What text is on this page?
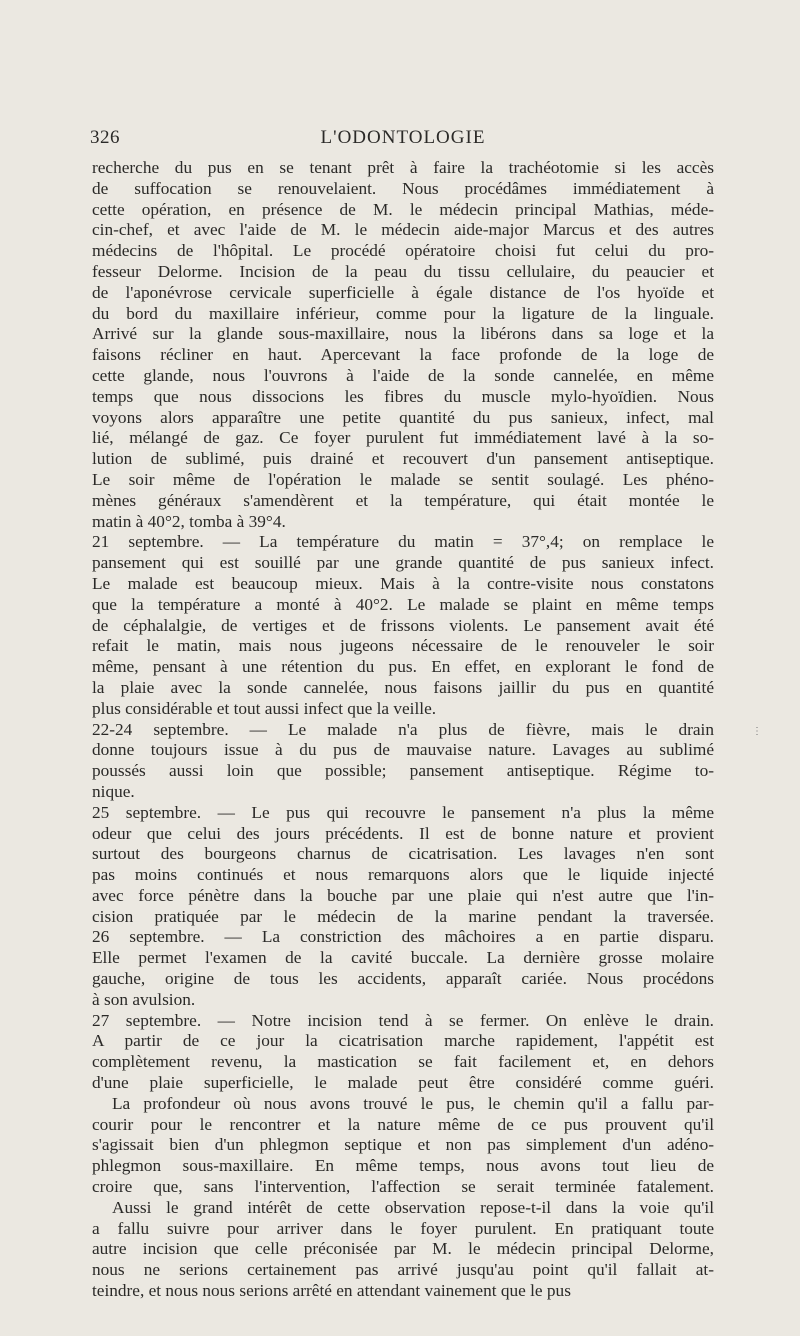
326	L'ODONTOLOGIE
recherche du pus en se tenant prêt à faire la trachéotomie si les accès
de suffocation se renouvelaient. Nous procédâmes immédiatement à
cette opération, en présence de M. le médecin principal Mathias, méde-
cin-chef, et avec l'aide de M. le médecin aide-major Marcus et des autres
médecins de l'hôpital. Le procédé opératoire choisi fut celui du pro-
fesseur Delorme. Incision de la peau du tissu cellulaire, du peaucier et
de l'aponévrose cervicale superficielle à égale distance de l'os hyoïde et
du bord du maxillaire inférieur, comme pour la ligature de la linguale.
Arrivé sur la glande sous-maxillaire, nous la libérons dans sa loge et la
faisons récliner en haut. Apercevant la face profonde de la loge de
cette glande, nous l'ouvrons à l'aide de la sonde cannelée, en même
temps que nous dissocions les fibres du muscle mylo-hyoïdien. Nous
voyons alors apparaître une petite quantité du pus sanieux, infect, mal
lié, mélangé de gaz. Ce foyer purulent fut immédiatement lavé à la so-
lution de sublimé, puis drainé et recouvert d'un pansement antiseptique.
Le soir même de l'opération le malade se sentit soulagé. Les phéno-
mènes généraux s'amendèrent et la température, qui était montée le
matin à 40°2, tomba à 39°4.
21 septembre. — La température du matin = 37°,4; on remplace le
pansement qui est souillé par une grande quantité de pus sanieux infect.
Le malade est beaucoup mieux. Mais à la contre-visite nous constatons
que la température a monté à 40°2. Le malade se plaint en même temps
de céphalalgie, de vertiges et de frissons violents. Le pansement avait été
refait le matin, mais nous jugeons nécessaire de le renouveler le soir
même, pensant à une rétention du pus. En effet, en explorant le fond de
la plaie avec la sonde cannelée, nous faisons jaillir du pus en quantité
plus considérable et tout aussi infect que la veille.
22-24 septembre. — Le malade n'a plus de fièvre, mais le drain
donne toujours issue à du pus de mauvaise nature. Lavages au sublimé
poussés aussi loin que possible; pansement antiseptique. Régime to-
nique.
25 septembre. — Le pus qui recouvre le pansement n'a plus la même
odeur que celui des jours précédents. Il est de bonne nature et provient
surtout des bourgeons charnus de cicatrisation. Les lavages n'en sont
pas moins continués et nous remarquons alors que le liquide injecté
avec force pénètre dans la bouche par une plaie qui n'est autre que l'in-
cision pratiquée par le médecin de la marine pendant la traversée.
26 septembre. — La constriction des mâchoires a en partie disparu.
Elle permet l'examen de la cavité buccale. La dernière grosse molaire
gauche, origine de tous les accidents, apparaît cariée. Nous procédons
à son avulsion.
27 septembre. — Notre incision tend à se fermer. On enlève le drain.
A partir de ce jour la cicatrisation marche rapidement, l'appétit est
complètement revenu, la mastication se fait facilement et, en dehors
d'une plaie superficielle, le malade peut être considéré comme guéri.
La profondeur où nous avons trouvé le pus, le chemin qu'il a fallu par-
courir pour le rencontrer et la nature même de ce pus prouvent qu'il
s'agissait bien d'un phlegmon septique et non pas simplement d'un adéno-
phlegmon sous-maxillaire. En même temps, nous avons tout lieu de
croire que, sans l'intervention, l'affection se serait terminée fatalement.
Aussi le grand intérêt de cette observation repose-t-il dans la voie qu'il
a fallu suivre pour arriver dans le foyer purulent. En pratiquant toute
autre incision que celle préconisée par M. le médecin principal Delorme,
nous ne serions certainement pas arrivé jusqu'au point qu'il fallait at-
teindre, et nous nous serions arrêté en attendant vainement que le pus
⋮
